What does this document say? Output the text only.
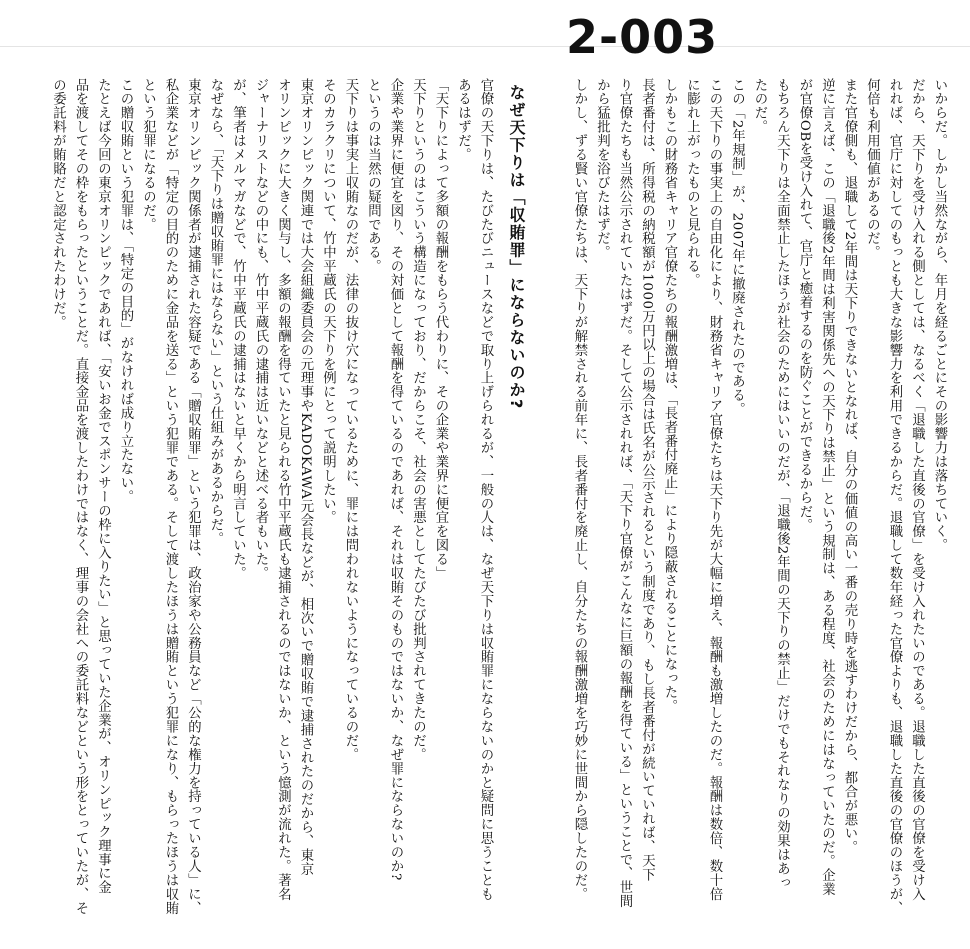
2-003
いからだ。しかし当然ながら、年月を経るごとにその影響力は落ちていく。
だから、天下りを受け入れる側としては、なるべく「退職した直後の官僚」を受け入れたいのである。退職した直後の官僚を受け入
れれば、官庁に対してのもっとも大きな影響力を利用できるからだ。退職して数年経った官僚よりも、退職した直後の官僚のほうが、
何倍も利用価値があるのだ。
また官僚側も、退職して2年間は天下りできないとなれば、自分の価値の高い一番の売り時を逃すわけだから、都合が悪い。
逆に言えば、この「退職後2年間は利害関係先への天下りは禁止」という規制は、ある程度、社会のためにはなっていたのだ。企業
が官僚OBを受け入れて、官庁と癒着するのを防ぐことができるからだ。
もちろん天下りは全面禁止したほうが社会のためにはいいのだが、「退職後2年間の天下りの禁止」だけでもそれなりの効果はあっ
たのだ。
この「2年規制」が、2007年に撤廃されたのである。
この天下りの事実上の自由化により、財務省キャリア官僚たちは天下り先が大幅に増え、報酬も激増したのだ。報酬は数倍、数十倍
に膨れ上がったものと見られる。
しかもこの財務省キャリア官僚たちの報酬激増は、「長者番付廃止」により隠蔽されることになった。
長者番付は、所得税の納税額が1000万円以上の場合は氏名が公示されるという制度であり、もし長者番付が続いていれば、天下
り官僚たちも当然公示されていたはずだ。そして公示されれば、「天下り官僚がこんなに巨額の報酬を得ている」ということで、世間
から猛批判を浴びたはずだ。
しかし、ずる賢い官僚たちは、天下りが解禁される前年に、長者番付を廃止し、自分たちの報酬激増を巧妙に世間から隠したのだ。
なぜ天下りは「収賄罪」にならないのか?
官僚の天下りは、たびたびニュースなどで取り上げられるが、一般の人は、なぜ天下りは収賄罪にならないのかと疑問に思うことも
あるはずだ。
「天下りによって多額の報酬をもらう代わりに、その企業や業界に便宜を図る」
天下りというのはこういう構造になっており、だからこそ、社会の害悪としてたびたび批判されてきたのだ。
企業や業界に便宜を図り、その対価として報酬を得ているのであれば、それは収賄そのものではないか、なぜ罪にならないのか?
というのは当然の疑問である。
天下りは事実上収賄なのだが、法律の抜け穴になっているために、罪には問われないようになっているのだ。
そのカラクリについて、竹中平蔵氏の天下りを例にとって説明したい。
東京オリンピック関連では大会組織委員会の元理事やKADOKAWA元会長などが、相次いで贈収賄で逮捕されたのだから、東京
オリンピックに大きく関与し、多額の報酬を得ていたと見られる竹中平蔵氏も逮捕されるのではないか、という憶測が流れた。著名
ジャーナリストなどの中にも、竹中平蔵氏の逮捕は近いなどと述べる者もいた。
が、筆者はメルマガなどで、竹中平蔵氏の逮捕はないと早くから明言していた。
なぜなら、「天下りは贈収賄罪にはならない」という仕組みがあるからだ。
東京オリンピック関係者が逮捕された容疑である「贈収賄罪」という犯罪は、政治家や公務員など「公的な権力を持っている人」に、
私企業などが「特定の目的のために金品を送る」という犯罪である。そして渡したほうは贈賄という犯罪になり、もらったほうは収賄
という犯罪になるのだ。
この贈収賄という犯罪は、「特定の目的」がなければ成り立たない。
たとえば今回の東京オリンピックであれば、「安いお金でスポンサーの枠に入りたい」と思っていた企業が、オリンピック理事に金
品を渡してその枠をもらったということだ。直接金品を渡したわけではなく、理事の会社への委託料などという形をとっていたが、そ
の委託料が賄賂だと認定されたわけだ。
